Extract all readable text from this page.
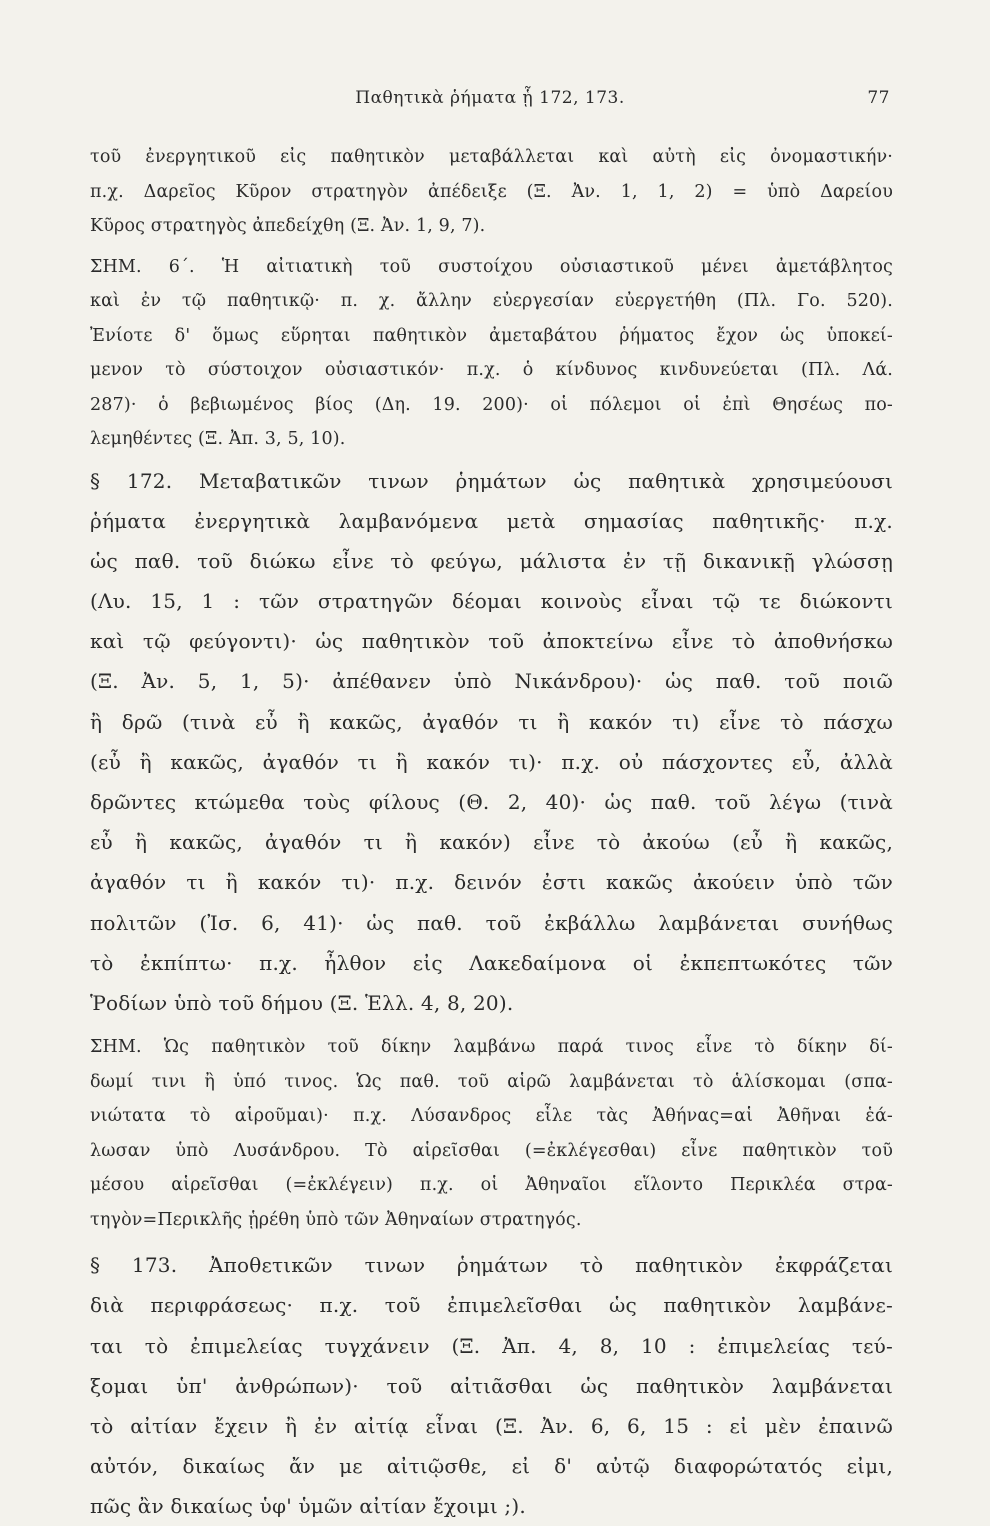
Παθητικὰ ῥήματα ᾗ 172, 173.	77
τοῦ ἐνεργητικοῦ εἰς παθητικὸν μεταβάλλεται καὶ αὐτὴ εἰς ὀνομαστικήν·
π.χ. Δαρεῖος Κῦρον στρατηγὸν ἀπέδειξε (Ξ. Ἀν. 1, 1, 2) = ὑπὸ Δαρείου
Κῦρος στρατηγὸς ἀπεδείχθη (Ξ. Ἀν. 1, 9, 7).
ΣΗΜ. 6΄. Ἡ αἰτιατικὴ τοῦ συστοίχου οὐσιαστικοῦ μένει ἀμετάβλητος
καὶ ἐν τῷ παθητικῷ· π. χ. ἄλλην εὐεργεσίαν εὐεργετήθη (Πλ. Γο. 520).
Ἐνίοτε δ' ὅμως εὕρηται παθητικὸν ἀμεταβάτου ῥήματος ἔχον ὡς ὑποκεί-
μενον τὸ σύστοιχον οὐσιαστικόν· π.χ. ὁ κίνδυνος κινδυνεύεται (Πλ. Λά.
287)· ὁ βεβιωμένος βίος (Δη. 19. 200)· οἱ πόλεμοι οἱ ἐπὶ Θησέως πο-
λεμηθέντες (Ξ. Ἀπ. 3, 5, 10).
§ 172. Μεταβατικῶν τινων ῥημάτων ὡς παθητικὰ χρησιμεύουσι
ῥήματα ἐνεργητικὰ λαμβανόμενα μετὰ σημασίας παθητικῆς· π.χ.
ὡς παθ. τοῦ διώκω εἶνε τὸ φεύγω, μάλιστα ἐν τῇ δικανικῇ γλώσσῃ
(Λυ. 15, 1 : τῶν στρατηγῶν δέομαι κοινοὺς εἶναι τῷ τε διώκοντι
καὶ τῷ φεύγοντι)· ὡς παθητικὸν τοῦ ἀποκτείνω εἶνε τὸ ἀποθνήσκω
(Ξ. Ἀν. 5, 1, 5)· ἀπέθανεν ὑπὸ Νικάνδρου)· ὡς παθ. τοῦ ποιῶ
ἢ δρῶ (τινὰ εὖ ἢ κακῶς, ἀγαθόν τι ἢ κακόν τι) εἶνε τὸ πάσχω
(εὖ ἢ κακῶς, ἀγαθόν τι ἢ κακόν τι)· π.χ. οὐ πάσχοντες εὖ, ἀλλὰ
δρῶντες κτώμεθα τοὺς φίλους (Θ. 2, 40)· ὡς παθ. τοῦ λέγω (τινὰ
εὖ ἢ κακῶς, ἀγαθόν τι ἢ κακόν) εἶνε τὸ ἀκούω (εὖ ἢ κακῶς,
ἀγαθόν τι ἢ κακόν τι)· π.χ. δεινόν ἐστι κακῶς ἀκούειν ὑπὸ τῶν
πολιτῶν (Ἰσ. 6, 41)· ὡς παθ. τοῦ ἐκβάλλω λαμβάνεται συνήθως
τὸ ἐκπίπτω· π.χ. ἦλθον εἰς Λακεδαίμονα οἱ ἐκπεπτωκότες τῶν
Ῥοδίων ὑπὸ τοῦ δήμου (Ξ. Ἑλλ. 4, 8, 20).
ΣΗΜ. Ὡς παθητικὸν τοῦ δίκην λαμβάνω παρά τινος εἶνε τὸ δίκην δί-
δωμί τινι ἢ ὑπό τινος. Ὡς παθ. τοῦ αἱρῶ λαμβάνεται τὸ ἁλίσκομαι (σπα-
νιώτατα τὸ αἱροῦμαι)· π.χ. Λύσανδρος εἷλε τὰς Ἀθήνας=αἱ Ἀθῆναι ἑά-
λωσαν ὑπὸ Λυσάνδρου. Τὸ αἱρεῖσθαι (=ἐκλέγεσθαι) εἶνε παθητικὸν τοῦ
μέσου αἱρεῖσθαι (=ἐκλέγειν) π.χ. οἱ Ἀθηναῖοι εἵλοντο Περικλέα στρα-
τηγὸν=Περικλῆς ᾑρέθη ὑπὸ τῶν Ἀθηναίων στρατηγός.
§ 173. Ἀποθετικῶν τινων ῥημάτων τὸ παθητικὸν ἐκφράζεται
διὰ περιφράσεως· π.χ. τοῦ ἐπιμελεῖσθαι ὡς παθητικὸν λαμβάνε-
ται τὸ ἐπιμελείας τυγχάνειν (Ξ. Ἀπ. 4, 8, 10 : ἐπιμελείας τεύ-
ξομαι ὑπ' ἀνθρώπων)· τοῦ αἰτιᾶσθαι ὡς παθητικὸν λαμβάνεται
τὸ αἰτίαν ἔχειν ἢ ἐν αἰτίᾳ εἶναι (Ξ. Ἀν. 6, 6, 15 : εἰ μὲν ἐπαινῶ
αὐτόν, δικαίως ἄν με αἰτιῷσθε, εἰ δ' αὐτῷ διαφορώτατός εἰμι,
πῶς ἂν δικαίως ὑφ' ὑμῶν αἰτίαν ἔχοιμι ;).
